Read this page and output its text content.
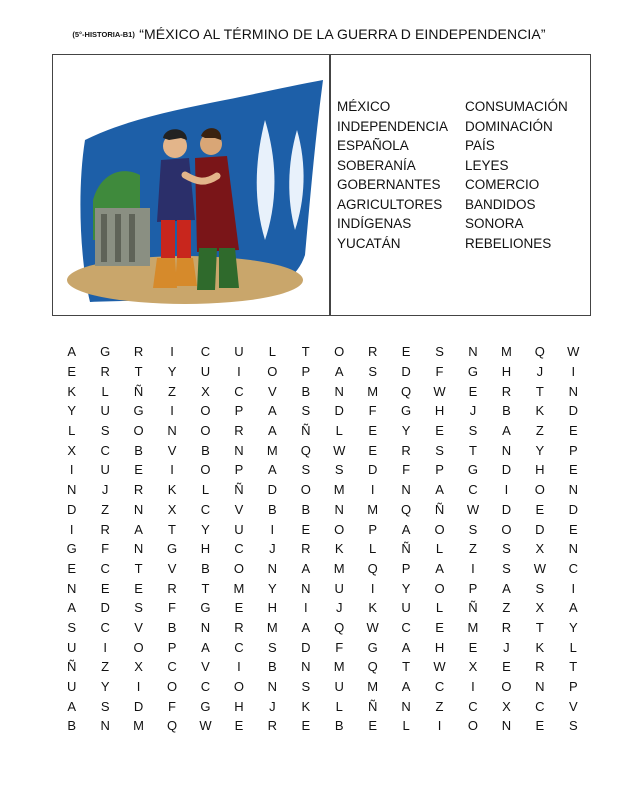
(5°-HISTORIA-B1) “MÉXICO AL TÉRMINO DE LA GUERRA D EINDEPENDENCIA”
MÉXICO	CONSUMACIÓN
INDEPENDENCIA	DOMINACIÓN
ESPAÑOLA	PAÍS
SOBERANÍA	LEYES
GOBERNANTES	COMERCIO
AGRICULTORES	BANDIDOS
INDÍGENAS	SONORA
YUCATÁN	REBELIONES
A	G	R	I	C	U	L	T	O	R	E	S	N	M	Q	W
E	R	T	Y	U	I	O	P	A	S	D	F	G	H	J	I
K	L	Ñ	Z	X	C	V	B	N	M	Q	W	E	R	T	N
Y	U	G	I	O	P	A	S	D	F	G	H	J	B	K	D
L	S	O	N	O	R	A	Ñ	L	E	Y	E	S	A	Z	E
X	C	B	V	B	N	M	Q	W	E	R	S	T	N	Y	P
I	U	E	I	O	P	A	S	S	D	F	P	G	D	H	E
N	J	R	K	L	Ñ	D	O	M	I	N	A	C	I	O	N
D	Z	N	X	C	V	B	B	N	M	Q	Ñ	W	D	E	D
I	R	A	T	Y	U	I	E	O	P	A	O	S	O	D	E
G	F	N	G	H	C	J	R	K	L	Ñ	L	Z	S	X	N
E	C	T	V	B	O	N	A	M	Q	P	A	I	S	W	C
N	E	E	R	T	M	Y	N	U	I	Y	O	P	A	S	I
A	D	S	F	G	E	H	I	J	K	U	L	Ñ	Z	X	A
S	C	V	B	N	R	M	A	Q	W	C	E	M	R	T	Y
U	I	O	P	A	C	S	D	F	G	A	H	E	J	K	L
Ñ	Z	X	C	V	I	B	N	M	Q	T	W	X	E	R	T
U	Y	I	O	C	O	N	S	U	M	A	C	I	O	N	P
A	S	D	F	G	H	J	K	L	Ñ	N	Z	C	X	C	V
B	N	M	Q	W	E	R	E	B	E	L	I	O	N	E	S
